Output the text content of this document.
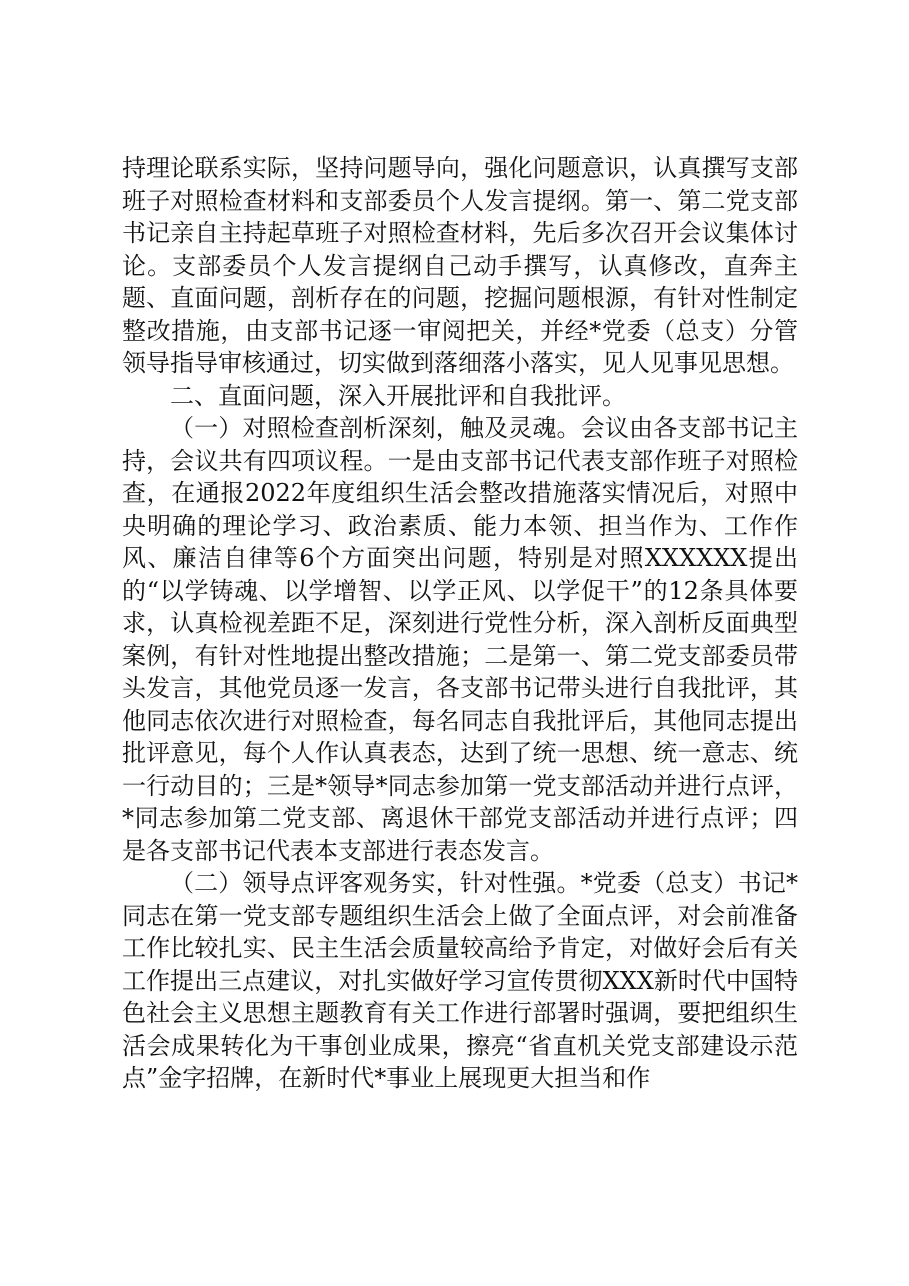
持理论联系实际，坚持问题导向，强化问题意识，认真撰写支部班子对照检查材料和支部委员个人发言提纲。第一、第二党支部书记亲自主持起草班子对照检查材料，先后多次召开会议集体讨论。支部委员个人发言提纲自己动手撰写，认真修改，直奔主题、直面问题，剖析存在的问题，挖掘问题根源，有针对性制定整改措施，由支部书记逐一审阅把关，并经*党委（总支）分管领导指导审核通过，切实做到落细落小落实，见人见事见思想。

二、直面问题，深入开展批评和自我批评。

（一）对照检查剖析深刻，触及灵魂。会议由各支部书记主持，会议共有四项议程。一是由支部书记代表支部作班子对照检查，在通报2022年度组织生活会整改措施落实情况后，对照中央明确的理论学习、政治素质、能力本领、担当作为、工作作风、廉洁自律等6个方面突出问题，特别是对照XXXXXX提出的“以学铸魂、以学增智、以学正风、以学促干”的12条具体要求，认真检视差距不足，深刻进行党性分析，深入剖析反面典型案例，有针对性地提出整改措施；二是第一、第二党支部委员带头发言，其他党员逐一发言，各支部书记带头进行自我批评，其他同志依次进行对照检查，每名同志自我批评后，其他同志提出批评意见，每个人作认真表态，达到了统一思想、统一意志、统一行动目的；三是*领导*同志参加第一党支部活动并进行点评，*同志参加第二党支部、离退休干部党支部活动并进行点评；四是各支部书记代表本支部进行表态发言。

（二）领导点评客观务实，针对性强。*党委（总支）书记*同志在第一党支部专题组织生活会上做了全面点评，对会前准备工作比较扎实、民主生活会质量较高给予肯定，对做好会后有关工作提出三点建议，对扎实做好学习宣传贯彻XXX新时代中国特色社会主义思想主题教育有关工作进行部署时强调，要把组织生活会成果转化为干事创业成果，擦亮“省直机关党支部建设示范点”金字招牌，在新时代*事业上展现更大担当和作
